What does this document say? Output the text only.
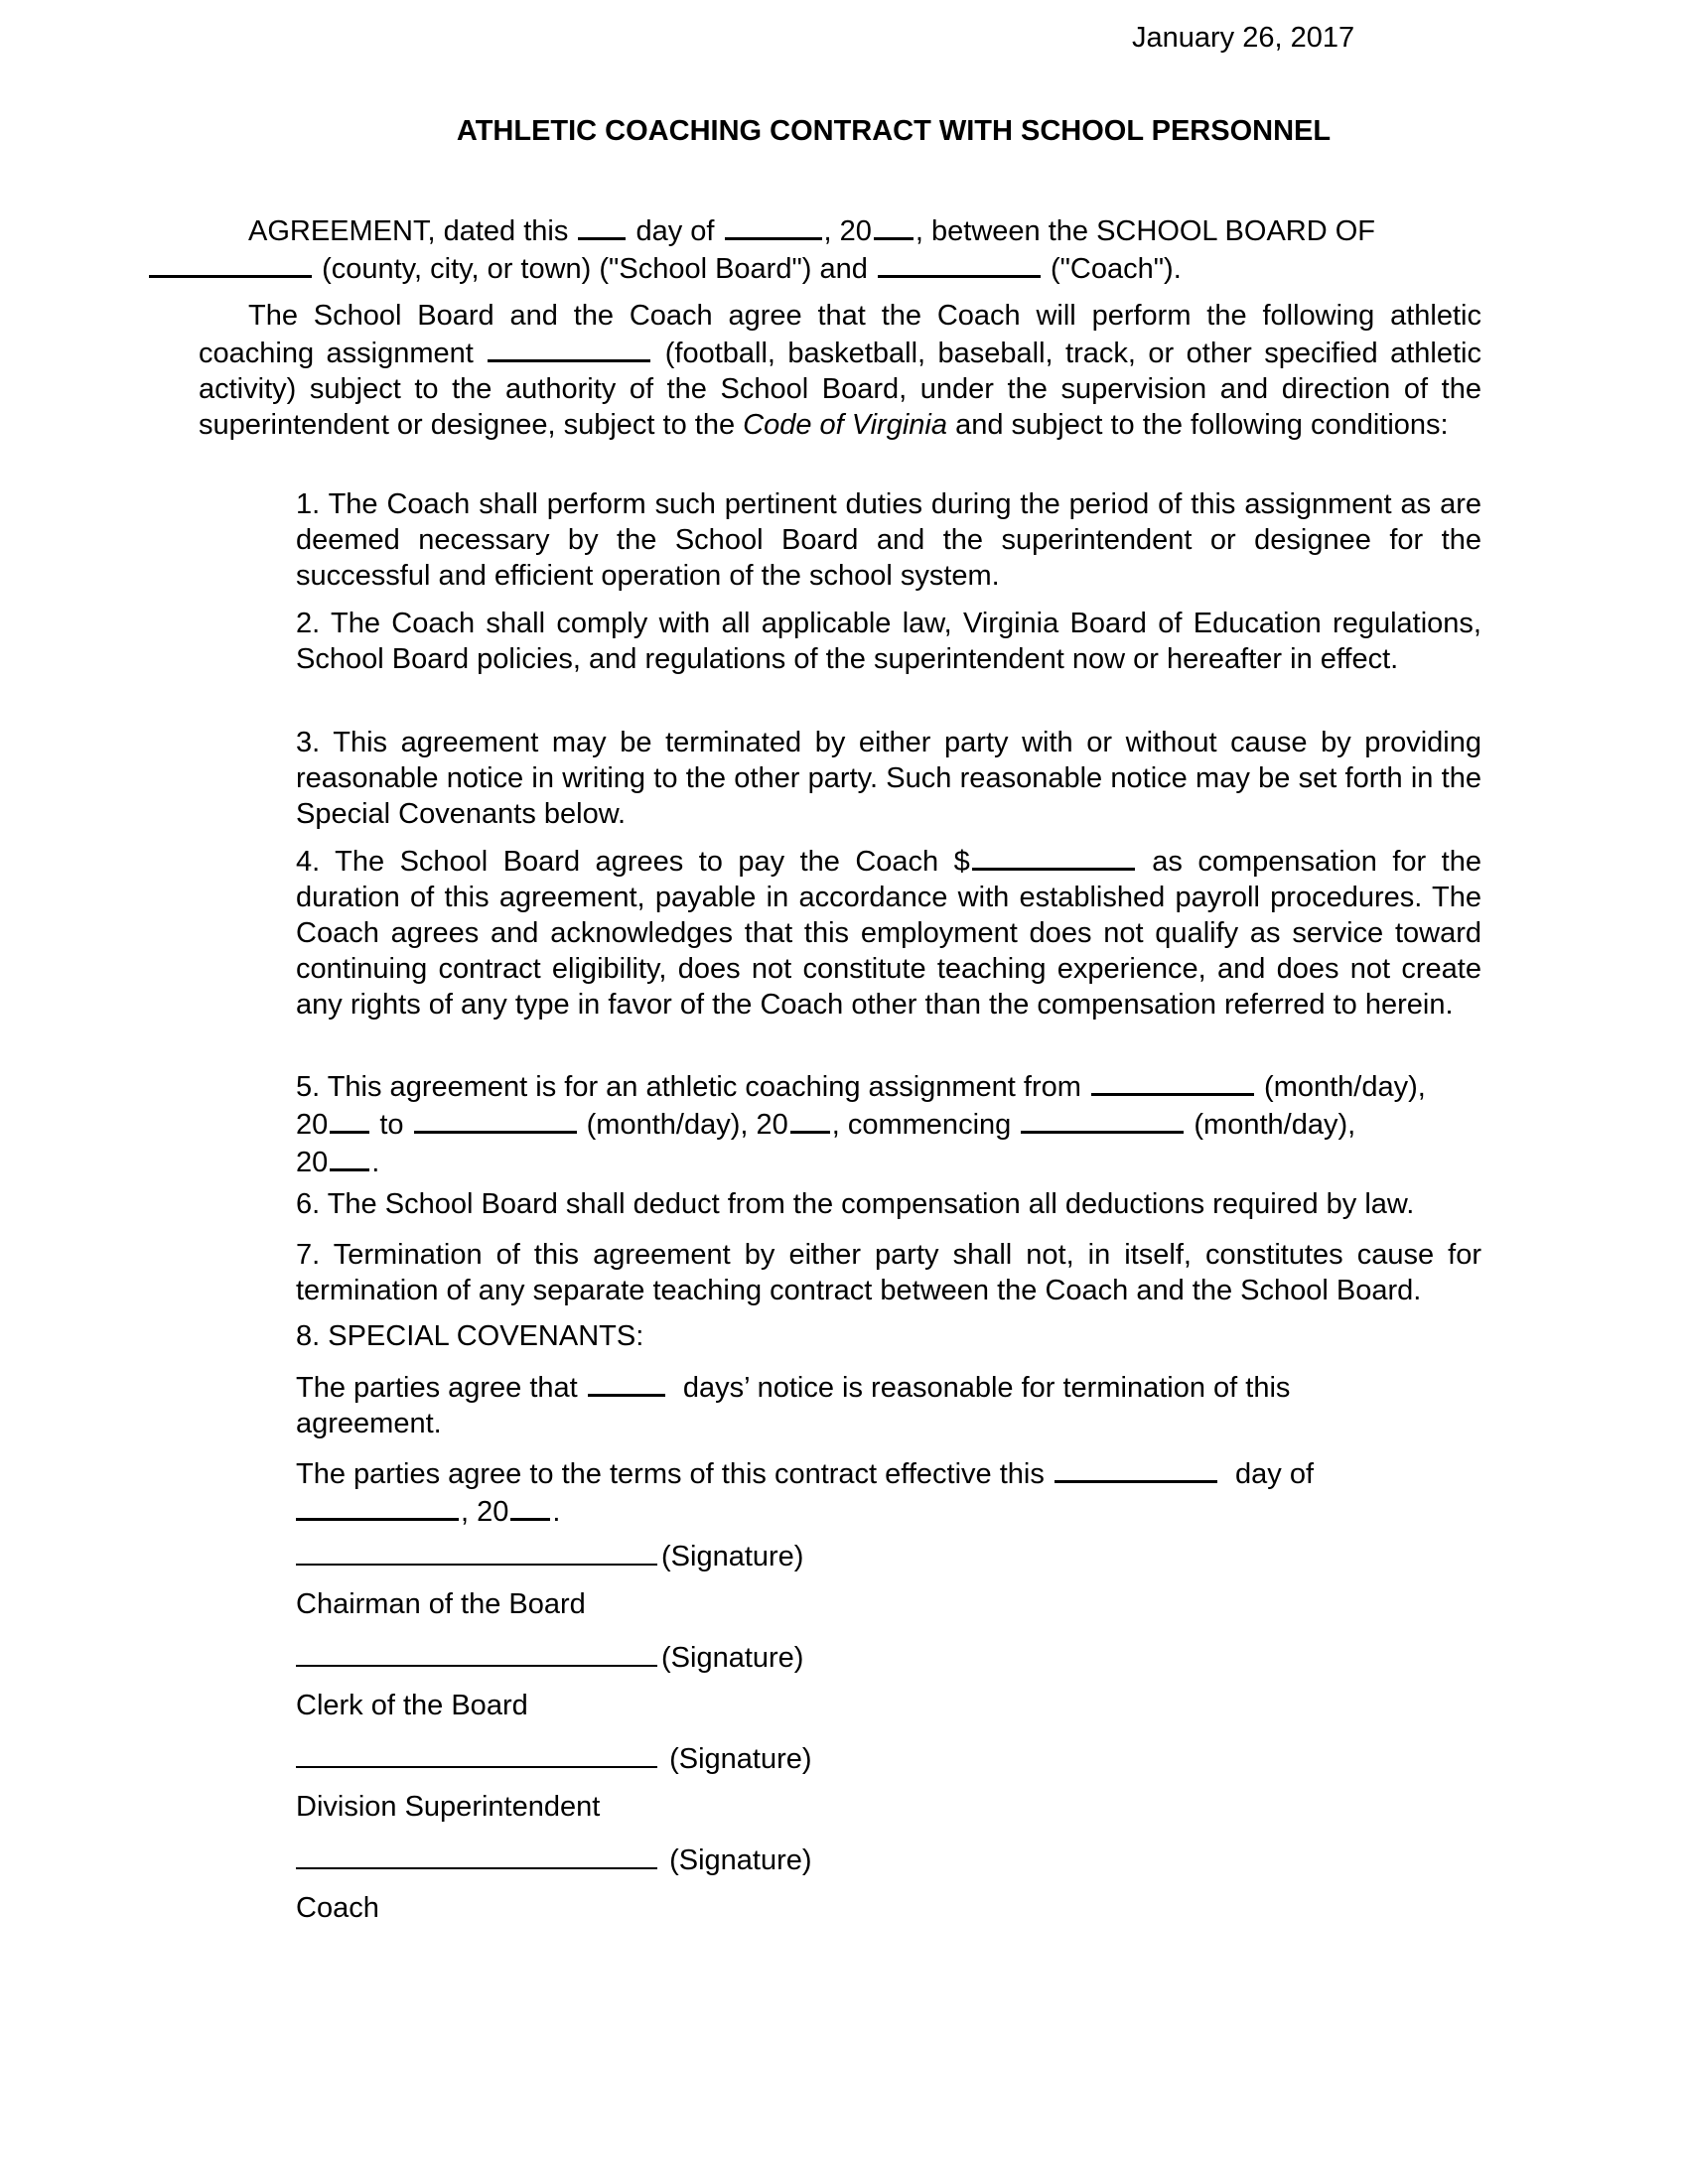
January 26, 2017
ATHLETIC COACHING CONTRACT WITH SCHOOL PERSONNEL

AGREEMENT, dated this day of	, 20 , between the SCHOOL BOARD OF
(county, city, or town) ("School Board") and	("Coach").

The School Board and the Coach agree that the Coach will perform the following athletic coaching assignment	(football, basketball, baseball, track, or other specified athletic activity) subject to the authority of the School Board, under the supervision and direction of the superintendent or designee, subject to the Code of Virginia and subject to the following conditions:

1. The Coach shall perform such pertinent duties during the period of this assignment as are deemed necessary by the School Board and the superintendent or designee for the successful and efficient operation of the school system.

2. The Coach shall comply with all applicable law, Virginia Board of Education regulations, School Board policies, and regulations of the superintendent now or hereafter in effect.

3. This agreement may be terminated by either party with or without cause by providing reasonable notice in writing to the other party. Such reasonable notice may be set forth in the Special Covenants below.

4. The School Board agrees to pay the Coach $	as compensation for the duration of this agreement, payable in accordance with established payroll procedures. The Coach agrees and acknowledges that this employment does not qualify as service toward continuing contract eligibility, does not constitute teaching experience, and does not create any rights of any type in favor of the Coach other than the compensation referred to herein.

5. This agreement is for an athletic coaching assignment from	(month/day),
20 to	(month/day), 20 , commencing	(month/day),
20 .

6. The School Board shall deduct from the compensation all deductions required by law.

7. Termination of this agreement by either party shall not, in itself, constitutes cause for termination of any separate teaching contract between the Coach and the School Board.

8. SPECIAL COVENANTS:

The parties agree that	days’ notice is reasonable for termination of this agreement.

The parties agree to the terms of this contract effective this	day of
, 20 .

(Signature)
Chairman of the Board
(Signature)
Clerk of the Board
(Signature)
Division Superintendent
(Signature)
Coach
